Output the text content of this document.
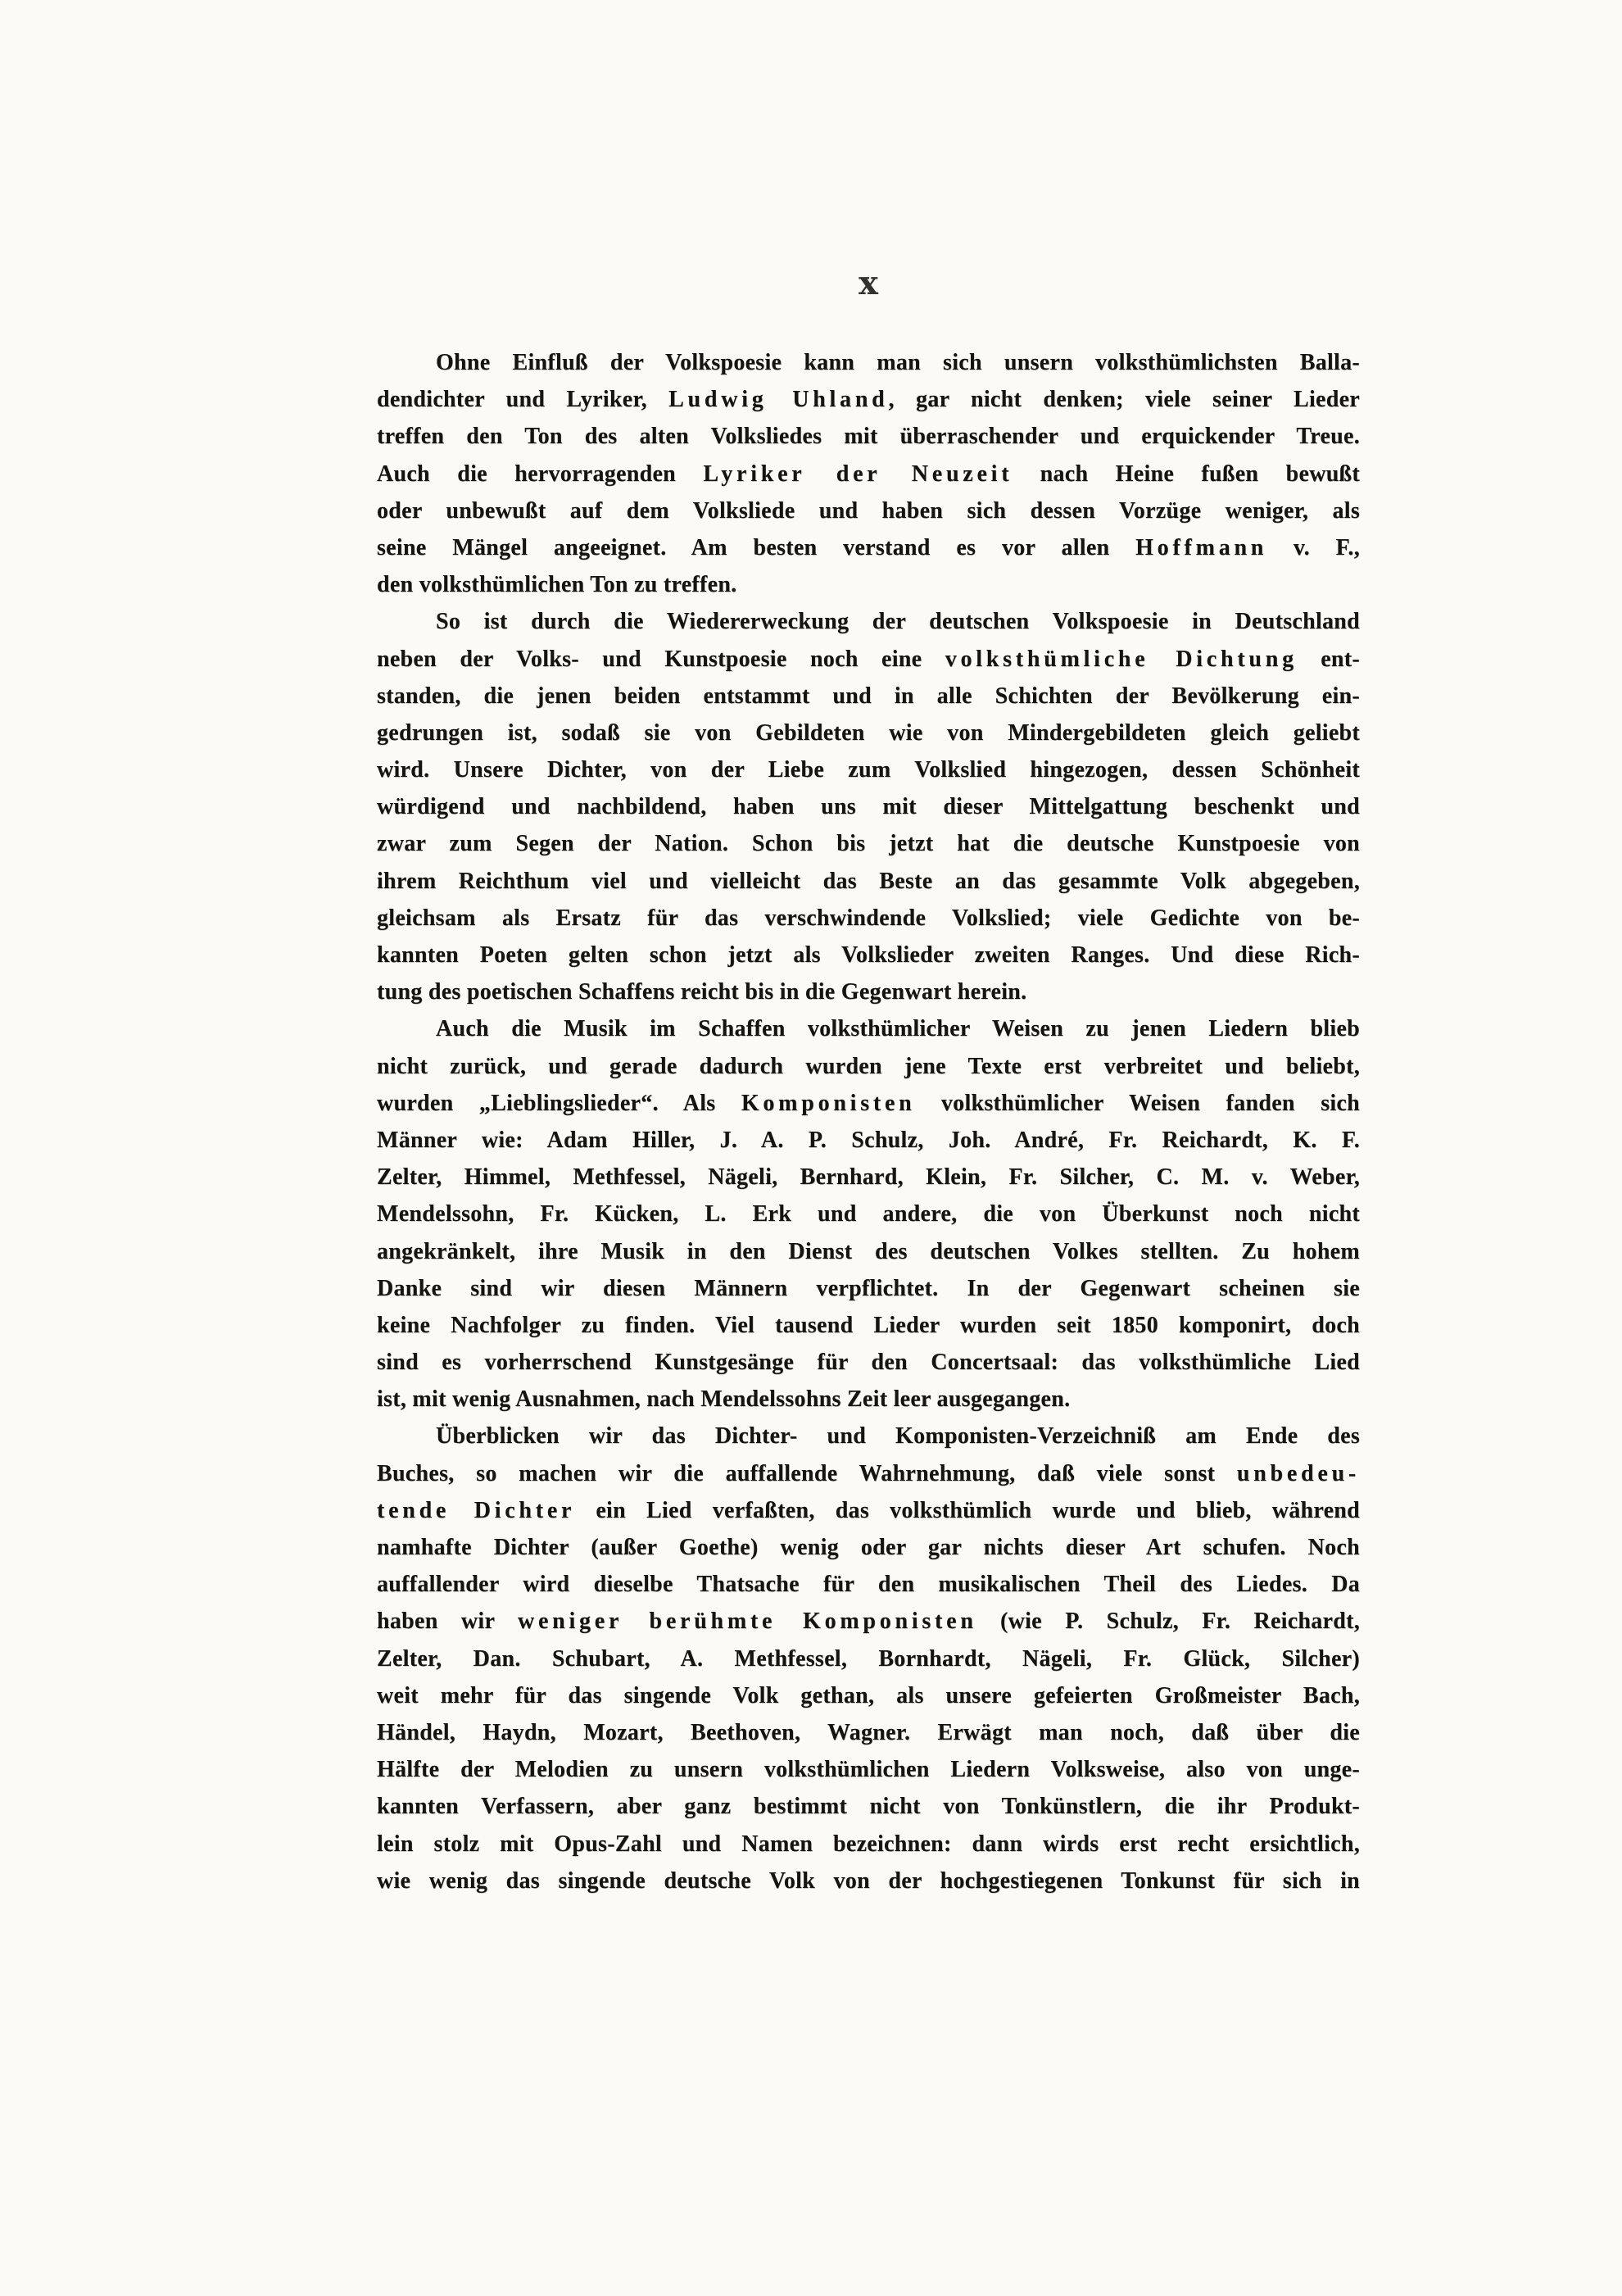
x
Ohne Einfluß der Volkspoesie kann man sich unsern volksthümlichsten Balla-
dendichter und Lyriker, Ludwig Uhland, gar nicht denken; viele seiner Lieder
treffen den Ton des alten Volksliedes mit überraschender und erquickender Treue.
Auch die hervorragenden Lyriker der Neuzeit nach Heine fußen bewußt
oder unbewußt auf dem Volksliede und haben sich dessen Vorzüge weniger, als
seine Mängel angeeignet. Am besten verstand es vor allen Hoffmann v. F.,
den volksthümlichen Ton zu treffen.
So ist durch die Wiedererweckung der deutschen Volkspoesie in Deutschland
neben der Volks- und Kunstpoesie noch eine volksthümliche Dichtung ent-
standen, die jenen beiden entstammt und in alle Schichten der Bevölkerung ein-
gedrungen ist, sodaß sie von Gebildeten wie von Mindergebildeten gleich geliebt
wird. Unsere Dichter, von der Liebe zum Volkslied hingezogen, dessen Schönheit
würdigend und nachbildend, haben uns mit dieser Mittelgattung beschenkt und
zwar zum Segen der Nation. Schon bis jetzt hat die deutsche Kunstpoesie von
ihrem Reichthum viel und vielleicht das Beste an das gesammte Volk abgegeben,
gleichsam als Ersatz für das verschwindende Volkslied; viele Gedichte von be-
kannten Poeten gelten schon jetzt als Volkslieder zweiten Ranges. Und diese Rich-
tung des poetischen Schaffens reicht bis in die Gegenwart herein.
Auch die Musik im Schaffen volksthümlicher Weisen zu jenen Liedern blieb
nicht zurück, und gerade dadurch wurden jene Texte erst verbreitet und beliebt,
wurden „Lieblingslieder“. Als Komponisten volksthümlicher Weisen fanden sich
Männer wie: Adam Hiller, J. A. P. Schulz, Joh. André, Fr. Reichardt, K. F.
Zelter, Himmel, Methfessel, Nägeli, Bernhard, Klein, Fr. Silcher, C. M. v. Weber,
Mendelssohn, Fr. Kücken, L. Erk und andere, die von Überkunst noch nicht
angekränkelt, ihre Musik in den Dienst des deutschen Volkes stellten. Zu hohem
Danke sind wir diesen Männern verpflichtet. In der Gegenwart scheinen sie
keine Nachfolger zu finden. Viel tausend Lieder wurden seit 1850 komponirt, doch
sind es vorherrschend Kunstgesänge für den Concertsaal: das volksthümliche Lied
ist, mit wenig Ausnahmen, nach Mendelssohns Zeit leer ausgegangen.
Überblicken wir das Dichter- und Komponisten-Verzeichniß am Ende des
Buches, so machen wir die auffallende Wahrnehmung, daß viele sonst unbedeu-
tende Dichter ein Lied verfaßten, das volksthümlich wurde und blieb, während
namhafte Dichter (außer Goethe) wenig oder gar nichts dieser Art schufen. Noch
auffallender wird dieselbe Thatsache für den musikalischen Theil des Liedes. Da
haben wir weniger berühmte Komponisten (wie P. Schulz, Fr. Reichardt,
Zelter, Dan. Schubart, A. Methfessel, Bornhardt, Nägeli, Fr. Glück, Silcher)
weit mehr für das singende Volk gethan, als unsere gefeierten Großmeister Bach,
Händel, Haydn, Mozart, Beethoven, Wagner. Erwägt man noch, daß über die
Hälfte der Melodien zu unsern volksthümlichen Liedern Volksweise, also von unge-
kannten Verfassern, aber ganz bestimmt nicht von Tonkünstlern, die ihr Produkt-
lein stolz mit Opus-Zahl und Namen bezeichnen: dann wirds erst recht ersichtlich,
wie wenig das singende deutsche Volk von der hochgestiegenen Tonkunst für sich in
